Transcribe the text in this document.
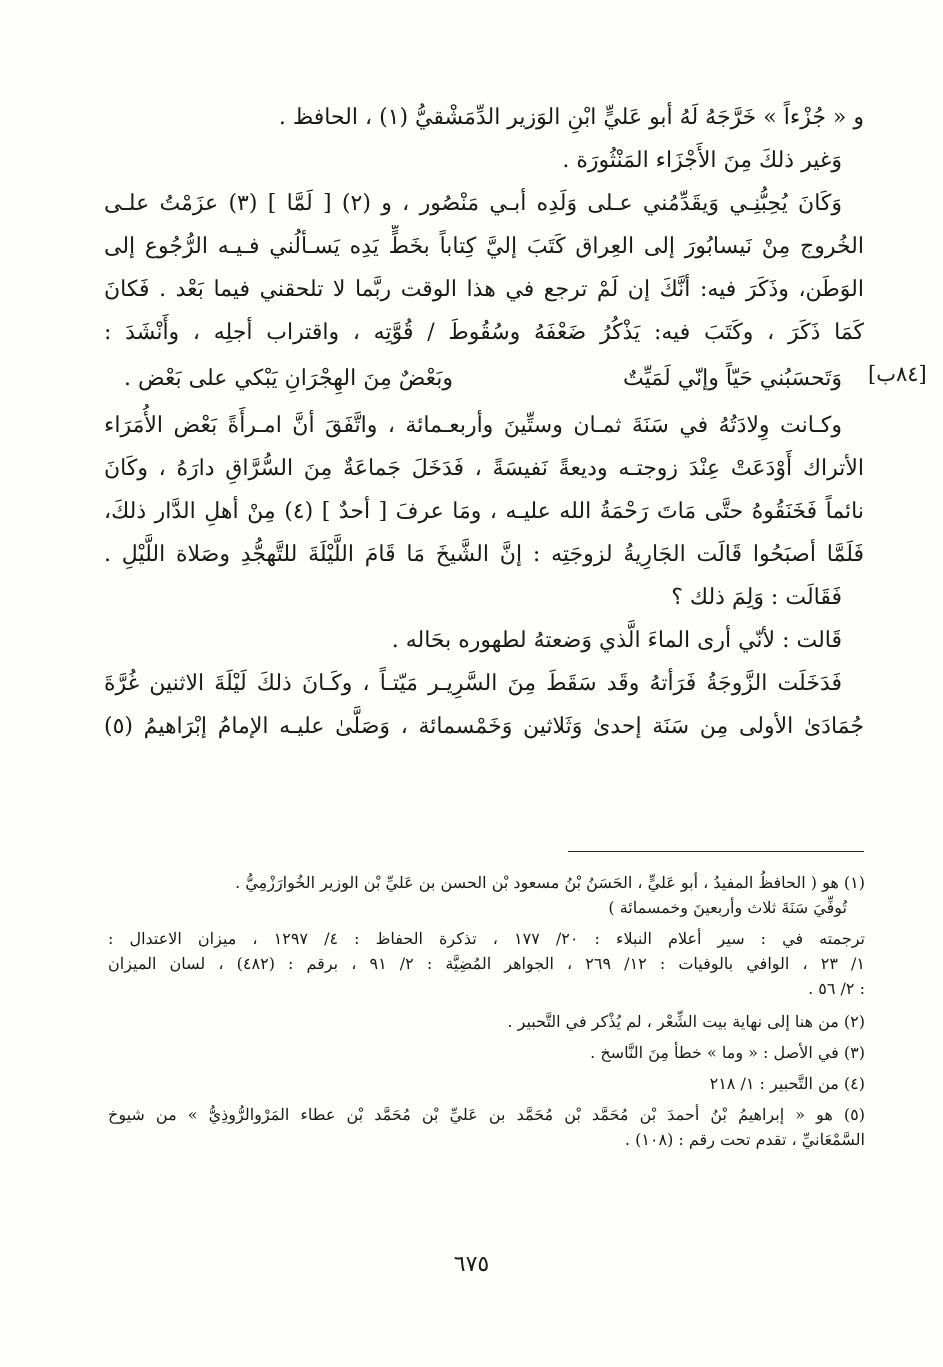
و « جُزْءاً » خَرَّجَهُ لَهُ أبو عَليٍّ ابْنِ الوَزير الدِّمَشْقيُّ (١) ، الحافظ .
وَغير ذلكَ مِنَ الأَجْزَاء المَنْثُورَة .
وَكَانَ يُحِبُّنِـي وَيقَدِّمُني عـلى وَلَدِه أبـي مَنْصُور ، و (٢) [ لَمَّا ] (٣) عزَمْتُ علـى
الخُروج مِنْ نَيسابُورَ إلى العِراق كَتَبَ إليَّ كِتاباً بخَطٍّ يَدِه يَسـألُني فـيـه الرُّجُوع إلى
الوَطَن، وذَكَرَ فيه: أنَّكَ إن لَمْ ترجع في هذا الوقت ربَّما لا تلحقني فيما بَعْد . فَكانَ
كَمَا ذَكَرَ ، وكَتَبَ فيه: يَذْكُرُ ضَعْفَهُ وسُقُوطَ / قُوَّتِه ، واقتراب أجلِه ، وأَنْشَدَ :
وَتَحسَبُني حَيّاً وإنّي لَمَيِّتٌ
وبَعْضٌ مِنَ الهِجْرَانِ يَبْكي على بَعْض .
وكـانت وِلادَتُهُ في سَنَةَ ثمـان وستِّينَ وأربعـمائة ، واتَّفَقَ أنَّ امـرأَةً بَعْض الأُمَرَاء
الأتراك أَوْدَعَتْ عِنْدَ زوجتـه وديعةً نَفيسَةً ، فَدَخَلَ جَماعَةٌ مِنَ السُّرَّاقِ دارَهُ ، وكَانَ
نائماً فَخَنَقُوهُ حتَّى مَاتَ رَحْمَةُ الله عليـه ، ومَا عرفَ [ أحدٌ ] (٤) مِنْ أهلِ الدَّار ذلكَ،
فَلَمَّا أصبَحُوا قَالَت الجَارِيةُ لزوجَتِه : إنَّ الشَّيخَ مَا قَامَ اللَّيْلَةَ للتَّهجُّدِ وصَلاة اللَّيْلِ .
فَقَالَت : وَلِمَ ذلك ؟
قَالت : لأنّي أرى الماءَ الَّذي وَضعتهُ لطهوره بحَاله .
فَدَخَلَت الزَّوجَةُ فَرَأتهُ وقَد سَقَطَ مِنَ السَّرِيـر مَيّتـاً ، وكَـانَ ذلكَ لَيْلَةَ الاثنين غُرَّةَ
جُمَادَىٰ الأولى مِن سَنَة إحدىٰ وَثَلاثين وَخَمْسمائة ، وَصَلَّىٰ عليـه الإمامُ إبْرَاهيمُ (٥)
[٨٤ب]
(١) هو ( الحافظُ المفيدُ ، أبو عَليٍّ ، الحَسَنُ بْنُ مسعود بْن الحسن بن عَليِّ بْن الوزير الخُوارَزْمِيُّ .
تُوفِّيَ سَنَةَ ثلاث وأربعينَ وخمسمائة )
ترجمته في : سير أعلام النبلاء : ٢٠/ ١٧٧ ، تذكرة الحفاظ : ٤/ ١٢٩٧ ، ميزان الاعتدال :
١/ ٢٣ ، الوافي بالوفيات : ١٢/ ٢٦٩ ، الجواهر المُضِيَّة : ٢/ ٩١ ، برقم : (٤٨٢) ، لسان الميزان
: ٢/ ٥٦ .
(٢) من هنا إلى نهاية بيت الشِّعْر ، لم يُذْكر في التَّحبير .
(٣) في الأصل : « وما » خطأ مِنَ النَّاسخ .
(٤) من التَّحبير : ١/ ٢١٨
(٥) هو « إبراهيمُ بْنُ أحمدَ بْن مُحَمَّد بْن مُحَمَّد بن عَليِّ بْن مُحَمَّد بْن عطاء المَرْوالرُّوذِيُّ » من شيوخ
السَّمْعَانيِّ ، تقدم تحت رقم : (١٠٨) .
٦٧٥
